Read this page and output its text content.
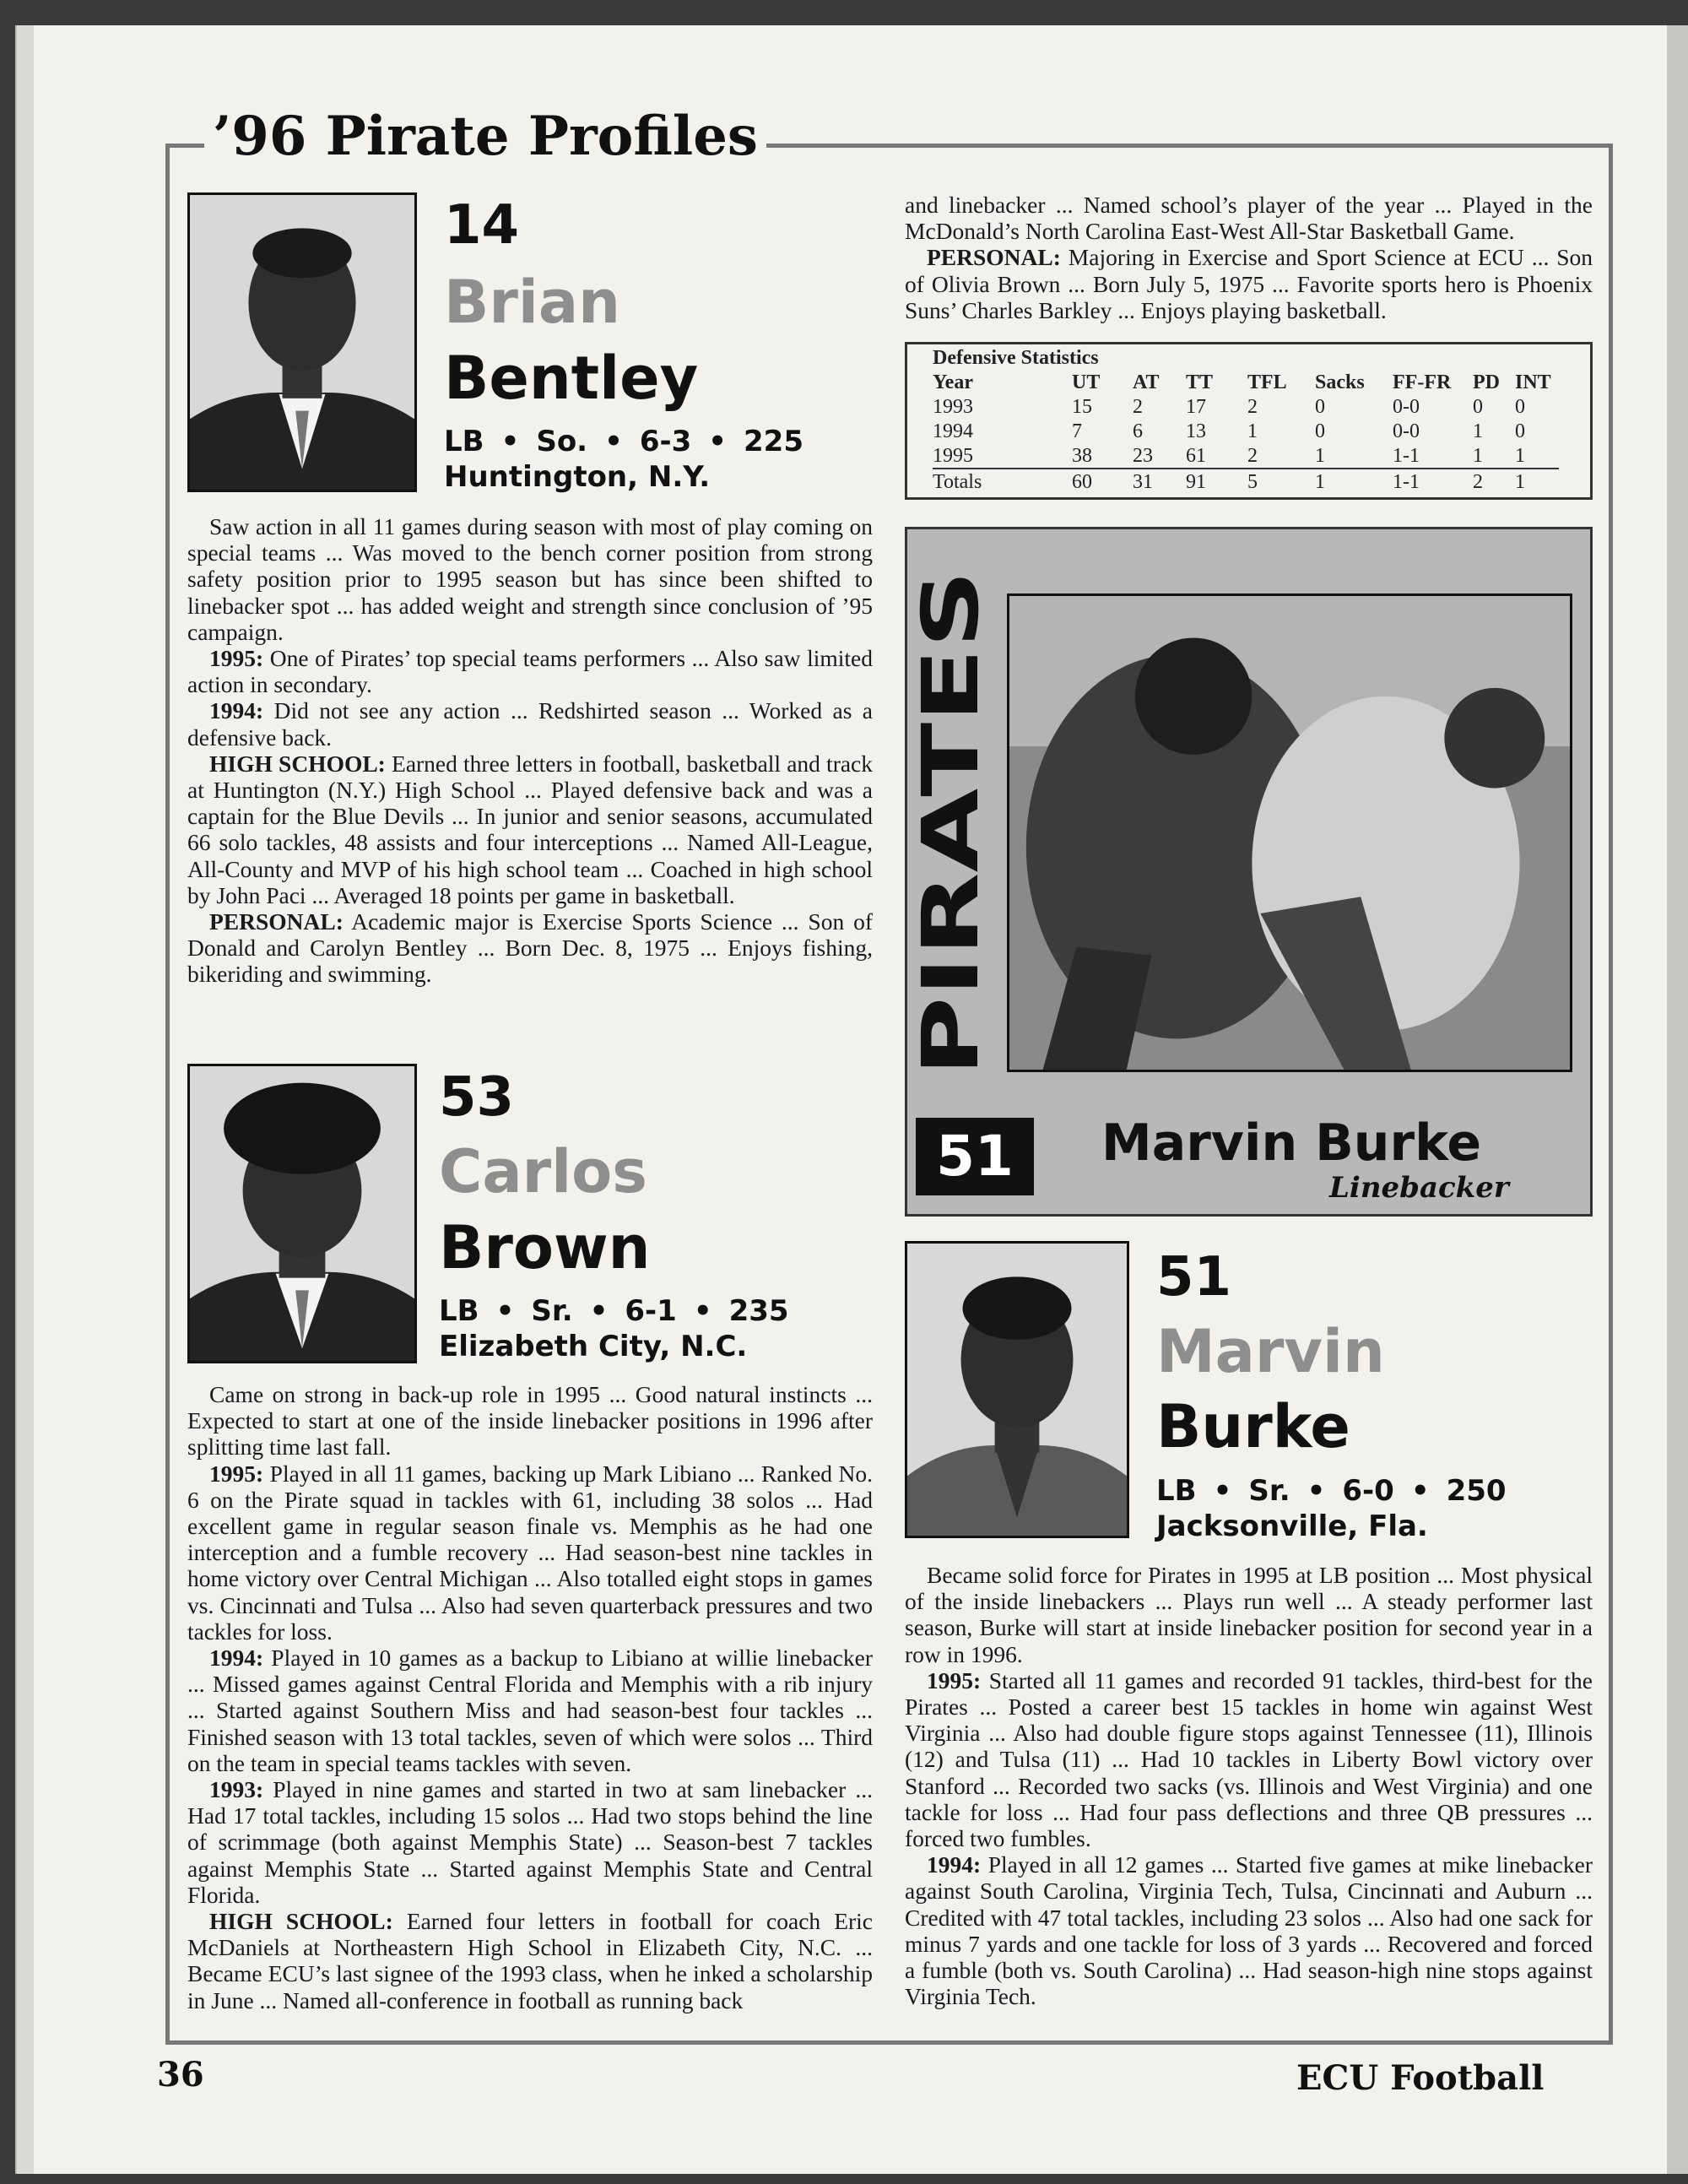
’96 Pirate Profiles
14
Brian
Bentley
LB • So. • 6-3 • 225
Huntington, N.Y.

Saw action in all 11 games during season with most of play coming on special teams ... Was moved to the bench corner position from strong safety position prior to 1995 season but has since been shifted to linebacker spot ... has added weight and strength since conclusion of ’95 campaign.

1995: One of Pirates’ top special teams performers ... Also saw limited action in secondary.

1994: Did not see any action ... Redshirted season ... Worked as a defensive back.

HIGH SCHOOL: Earned three letters in football, basketball and track at Huntington (N.Y.) High School ... Played defensive back and was a captain for the Blue Devils ... In junior and senior seasons, accumulated 66 solo tackles, 48 assists and four interceptions ... Named All-League, All-County and MVP of his high school team ... Coached in high school by John Paci ... Averaged 18 points per game in basketball.

PERSONAL: Academic major is Exercise Sports Science ... Son of Donald and Carolyn Bentley ... Born Dec. 8, 1975 ... Enjoys fishing, bikeriding and swimming.

53
Carlos
Brown
LB • Sr. • 6-1 • 235
Elizabeth City, N.C.

Came on strong in back-up role in 1995 ... Good natural instincts ... Expected to start at one of the inside linebacker positions in 1996 after splitting time last fall.

1995: Played in all 11 games, backing up Mark Libiano ... Ranked No. 6 on the Pirate squad in tackles with 61, including 38 solos ... Had excellent game in regular season finale vs. Memphis as he had one interception and a fumble recovery ... Had season-best nine tackles in home victory over Central Michigan ... Also totalled eight stops in games vs. Cincinnati and Tulsa ... Also had seven quarterback pressures and two tackles for loss.

1994: Played in 10 games as a backup to Libiano at willie linebacker ... Missed games against Central Florida and Memphis with a rib injury ... Started against Southern Miss and had season-best four tackles ... Finished season with 13 total tackles, seven of which were solos ... Third on the team in special teams tackles with seven.

1993: Played in nine games and started in two at sam linebacker ... Had 17 total tackles, including 15 solos ... Had two stops behind the line of scrimmage (both against Memphis State) ... Season-best 7 tackles against Memphis State ... Started against Memphis State and Central Florida.

HIGH SCHOOL: Earned four letters in football for coach Eric McDaniels at Northeastern High School in Elizabeth City, N.C. ... Became ECU’s last signee of the 1993 class, when he inked a scholarship in June ... Named all-conference in football as running back

and linebacker ... Named school’s player of the year ... Played in the McDonald’s North Carolina East-West All-Star Basketball Game.

PERSONAL: Majoring in Exercise and Sport Science at ECU ... Son of Olivia Brown ... Born July 5, 1975 ... Favorite sports hero is Phoenix Suns’ Charles Barkley ... Enjoys playing basketball.

Defensive Statistics
Year	UT	AT	TT	TFL	Sacks	FF-FR	PD	INT
1993	15	2	17	2	0	0-0	0	0
1994	7	6	13	1	0	0-0	1	0
1995	38	23	61	2	1	1-1	1	1
Totals	60	31	91	5	1	1-1	2	1
PIRATES
51	Marvin Burke
Linebacker
51
Marvin
Burke
LB • Sr. • 6-0 • 250
Jacksonville, Fla.

Became solid force for Pirates in 1995 at LB position ... Most physical of the inside linebackers ... Plays run well ... A steady performer last season, Burke will start at inside linebacker position for second year in a row in 1996.

1995: Started all 11 games and recorded 91 tackles, third-best for the Pirates ... Posted a career best 15 tackles in home win against West Virginia ... Also had double figure stops against Tennessee (11), Illinois (12) and Tulsa (11) ... Had 10 tackles in Liberty Bowl victory over Stanford ... Recorded two sacks (vs. Illinois and West Virginia) and one tackle for loss ... Had four pass deflections and three QB pressures ... forced two fumbles.

1994: Played in all 12 games ... Started five games at mike linebacker against South Carolina, Virginia Tech, Tulsa, Cincinnati and Auburn ... Credited with 47 total tackles, including 23 solos ... Also had one sack for minus 7 yards and one tackle for loss of 3 yards ... Recovered and forced a fumble (both vs. South Carolina) ... Had season-high nine stops against Virginia Tech.

36	ECU Football
